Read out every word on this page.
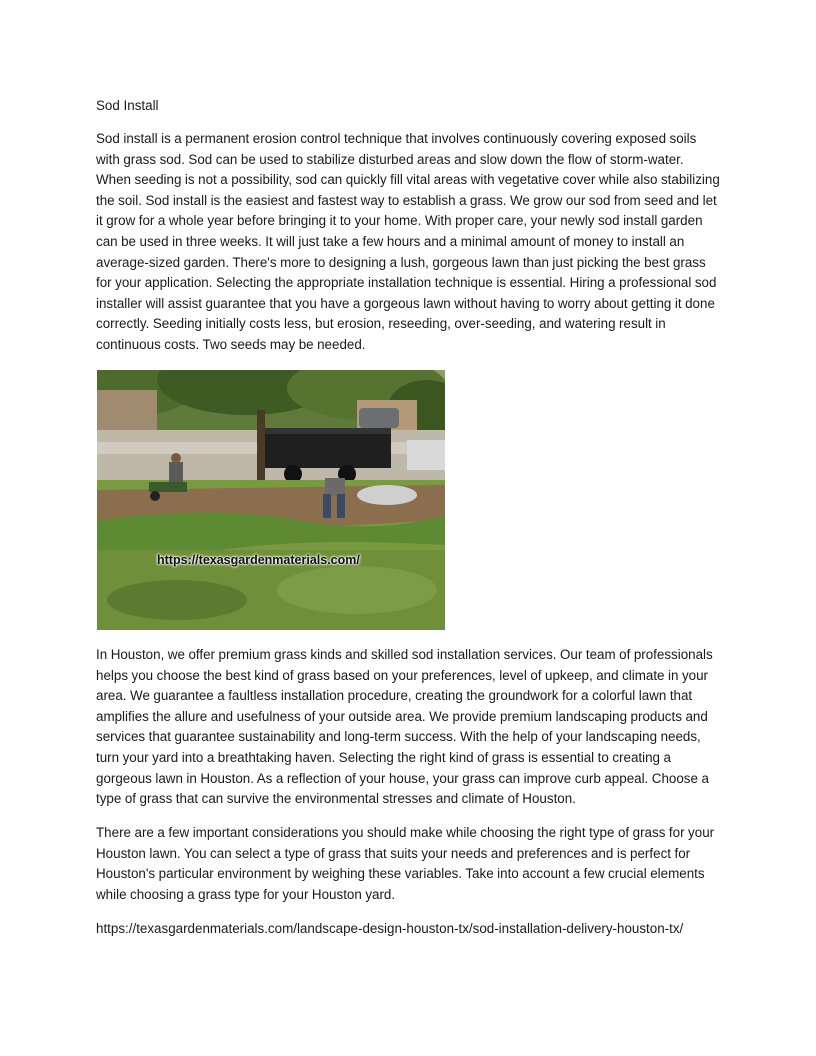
Sod Install

Sod install is a permanent erosion control technique that involves continuously covering exposed soils with grass sod. Sod can be used to stabilize disturbed areas and slow down the flow of storm-water. When seeding is not a possibility, sod can quickly fill vital areas with vegetative cover while also stabilizing the soil. Sod install is the easiest and fastest way to establish a grass. We grow our sod from seed and let it grow for a whole year before bringing it to your home. With proper care, your newly sod install garden can be used in three weeks. It will just take a few hours and a minimal amount of money to install an average-sized garden. There's more to designing a lush, gorgeous lawn than just picking the best grass for your application. Selecting the appropriate installation technique is essential. Hiring a professional sod installer will assist guarantee that you have a gorgeous lawn without having to worry about getting it done correctly. Seeding initially costs less, but erosion, reseeding, over-seeding, and watering result in continuous costs. Two seeds may be needed.

https://texasgardenmaterials.com/

In Houston, we offer premium grass kinds and skilled sod installation services. Our team of professionals helps you choose the best kind of grass based on your preferences, level of upkeep, and climate in your area. We guarantee a faultless installation procedure, creating the groundwork for a colorful lawn that amplifies the allure and usefulness of your outside area. We provide premium landscaping products and services that guarantee sustainability and long-term success. With the help of your landscaping needs, turn your yard into a breathtaking haven. Selecting the right kind of grass is essential to creating a gorgeous lawn in Houston. As a reflection of your house, your grass can improve curb appeal. Choose a type of grass that can survive the environmental stresses and climate of Houston.

There are a few important considerations you should make while choosing the right type of grass for your Houston lawn. You can select a type of grass that suits your needs and preferences and is perfect for Houston's particular environment by weighing these variables. Take into account a few crucial elements while choosing a grass type for your Houston yard.

https://texasgardenmaterials.com/landscape-design-houston-tx/sod-installation-delivery-houston-tx/
